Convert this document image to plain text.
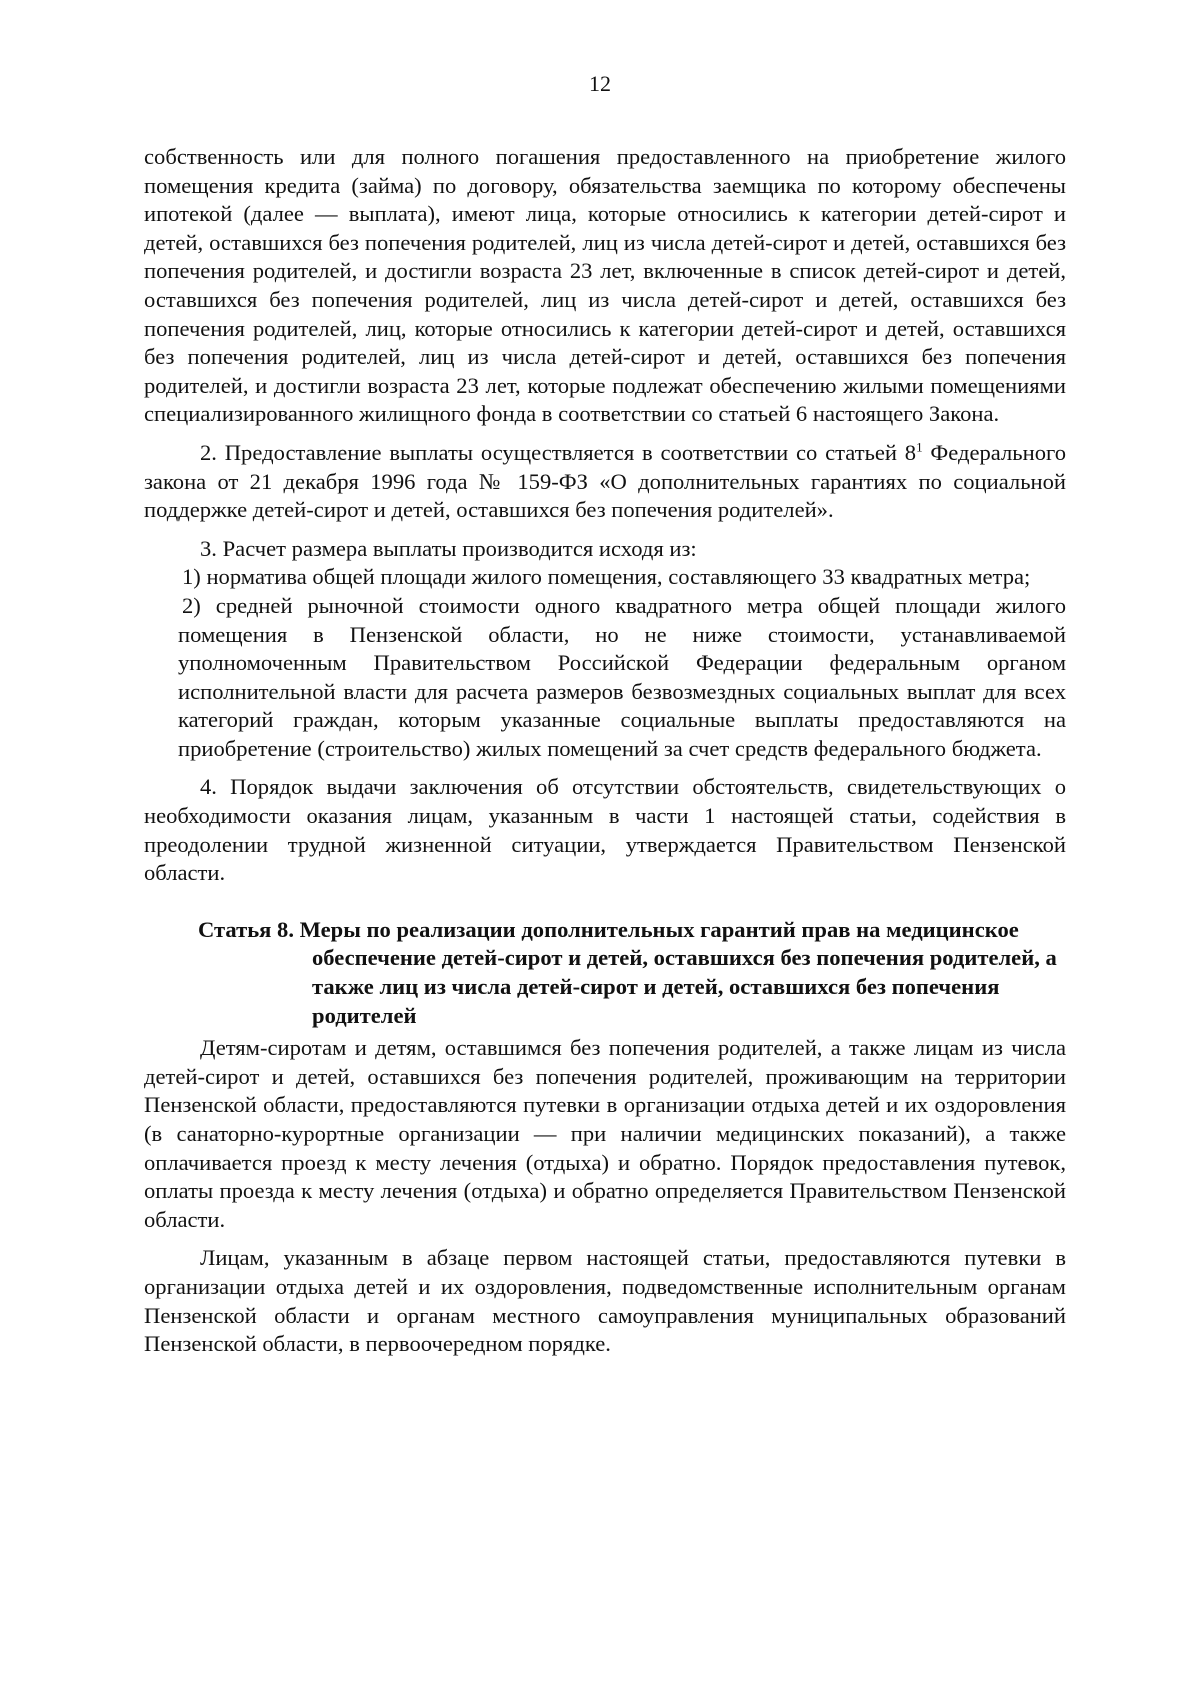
12

собственность или для полного погашения предоставленного на приобретение жилого помещения кредита (займа) по договору, обязательства заемщика по которому обеспечены ипотекой (далее — выплата), имеют лица, которые относились к категории детей-сирот и детей, оставшихся без попечения родителей, лиц из числа детей-сирот и детей, оставшихся без попечения родителей, и достигли возраста 23 лет, включенные в список детей-сирот и детей, оставшихся без попечения родителей, лиц из числа детей-сирот и детей, оставшихся без попечения родителей, лиц, которые относились к категории детей-сирот и детей, оставшихся без попечения родителей, лиц из числа детей-сирот и детей, оставшихся без попечения родителей, и достигли возраста 23 лет, которые подлежат обеспечению жилыми помещениями специализированного жилищного фонда в соответствии со статьей 6 настоящего Закона.

2. Предоставление выплаты осуществляется в соответствии со статьей $8^1$ Федерального закона от 21 декабря 1996 года № 159-ФЗ «О дополнительных гарантиях по социальной поддержке детей-сирот и детей, оставшихся без попечения родителей».

3. Расчет размера выплаты производится исходя из:

1) норматива общей площади жилого помещения, составляющего 33 квадратных метра;

2) средней рыночной стоимости одного квадратного метра общей площади жилого помещения в Пензенской области, но не ниже стоимости, устанавливаемой уполномоченным Правительством Российской Федерации федеральным органом исполнительной власти для расчета размеров безвозмездных социальных выплат для всех категорий граждан, которым указанные социальные выплаты предоставляются на приобретение (строительство) жилых помещений за счет средств федерального бюджета.

4. Порядок выдачи заключения об отсутствии обстоятельств, свидетельствующих о необходимости оказания лицам, указанным в части 1 настоящей статьи, содействия в преодолении трудной жизненной ситуации, утверждается Правительством Пензенской области.

Статья 8. Меры по реализации дополнительных гарантий прав на медицинское обеспечение детей-сирот и детей, оставшихся без попечения родителей, а также лиц из числа детей-сирот и детей, оставшихся без попечения родителей

Детям-сиротам и детям, оставшимся без попечения родителей, а также лицам из числа детей-сирот и детей, оставшихся без попечения родителей, проживающим на территории Пензенской области, предоставляются путевки в организации отдыха детей и их оздоровления (в санаторно-курортные организации — при наличии медицинских показаний), а также оплачивается проезд к месту лечения (отдыха) и обратно. Порядок предоставления путевок, оплаты проезда к месту лечения (отдыха) и обратно определяется Правительством Пензенской области.

Лицам, указанным в абзаце первом настоящей статьи, предоставляются путевки в организации отдыха детей и их оздоровления, подведомственные исполнительным органам Пензенской области и органам местного самоуправления муниципальных образований Пензенской области, в первоочередном порядке.
